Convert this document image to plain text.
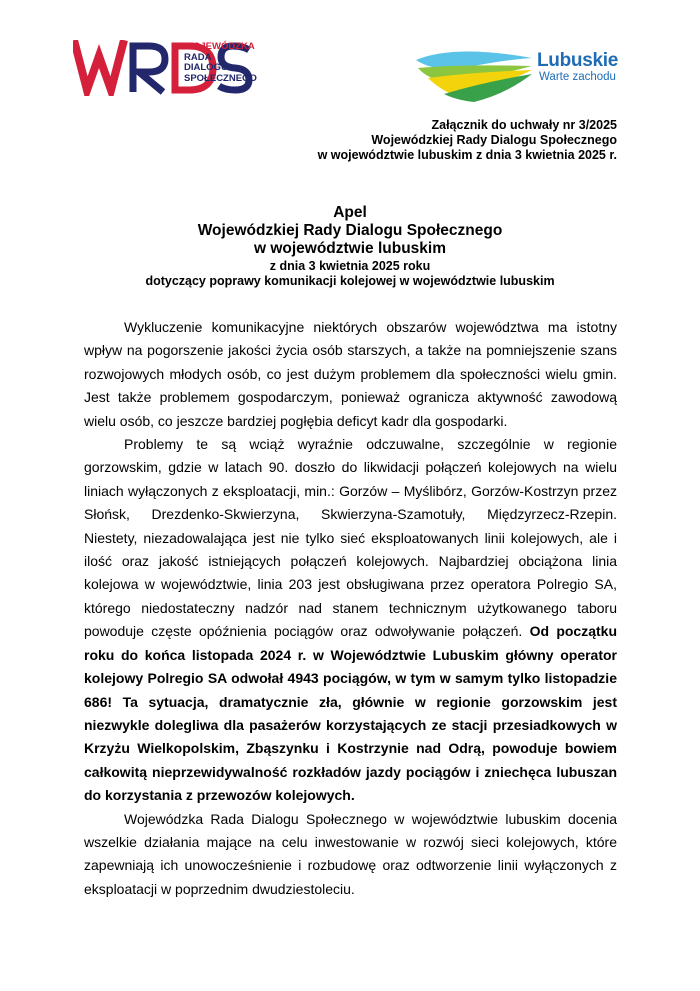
WOJEWÓDZKA
RADA
DIALOGU
SPOŁECZNEGO
Lubuskie
Warte zachodu
Załącznik do uchwały nr 3/2025
Wojewódzkiej Rady Dialogu Społecznego
w województwie lubuskim z dnia 3 kwietnia 2025 r.
Apel
Wojewódzkiej Rady Dialogu Społecznego
w województwie lubuskim
z dnia 3 kwietnia 2025 roku
dotyczący poprawy komunikacji kolejowej w województwie lubuskim

Wykluczenie komunikacyjne niektórych obszarów województwa ma istotny wpływ na pogorszenie jakości życia osób starszych, a także na pomniejszenie szans rozwojowych młodych osób, co jest dużym problemem dla społeczności wielu gmin. Jest także problemem gospodarczym, ponieważ ogranicza aktywność zawodową wielu osób, co jeszcze bardziej pogłębia deficyt kadr dla gospodarki.

Problemy te są wciąż wyraźnie odczuwalne, szczególnie w regionie gorzowskim, gdzie w latach 90. doszło do likwidacji połączeń kolejowych na wielu liniach wyłączonych z eksploatacji, min.: Gorzów – Myślibórz, Gorzów-Kostrzyn przez Słońsk, Drezdenko-Skwierzyna, Skwierzyna-Szamotuły, Międzyrzecz-Rzepin. Niestety, niezadowalająca jest nie tylko sieć eksploatowanych linii kolejowych, ale i ilość oraz jakość istniejących połączeń kolejowych. Najbardziej obciążona linia kolejowa w województwie, linia 203 jest obsługiwana przez operatora Polregio SA, którego niedostateczny nadzór nad stanem technicznym użytkowanego taboru powoduje częste opóźnienia pociągów oraz odwoływanie połączeń. Od początku roku do końca listopada 2024 r. w Województwie Lubuskim główny operator kolejowy Polregio SA odwołał 4943 pociągów, w tym w samym tylko listopadzie 686! Ta sytuacja, dramatycznie zła, głównie w regionie gorzowskim jest niezwykle dolegliwa dla pasażerów korzystających ze stacji przesiadkowych w Krzyżu Wielkopolskim, Zbąszynku i Kostrzynie nad Odrą, powoduje bowiem całkowitą nieprzewidywalność rozkładów jazdy pociągów i zniechęca lubuszan do korzystania z przewozów kolejowych.

Wojewódzka Rada Dialogu Społecznego w województwie lubuskim docenia wszelkie działania mające na celu inwestowanie w rozwój sieci kolejowych, które zapewniają ich unowocześnienie i rozbudowę oraz odtworzenie linii wyłączonych z eksploatacji w poprzednim dwudziestoleciu.
